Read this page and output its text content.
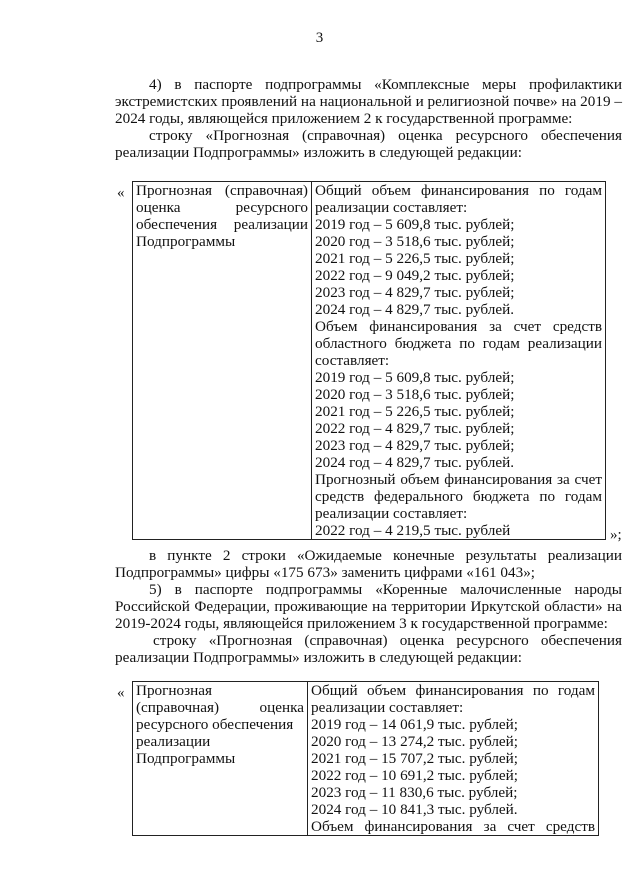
3
4) в паспорте подпрограммы «Комплексные меры профилактики
экстремистских проявлений на национальной и религиозной почве» на 2019 –
2024 годы, являющейся приложением 2 к государственной программе:
строку «Прогнозная (справочная) оценка ресурсного обеспечения
реализации Подпрограммы» изложить в следующей редакции:
« Прогнозная (справочная)
оценка ресурсного
обеспечения реализации
Подпрограммы

Общий объем финансирования по годам
реализации составляет:
2019 год – 5 609,8 тыс. рублей;
2020 год – 3 518,6 тыс. рублей;
2021 год – 5 226,5 тыс. рублей;
2022 год – 9 049,2 тыс. рублей;
2023 год – 4 829,7 тыс. рублей;
2024 год – 4 829,7 тыс. рублей.
Объем финансирования за счет средств
областного бюджета по годам реализации
составляет:
2019 год – 5 609,8 тыс. рублей;
2020 год – 3 518,6 тыс. рублей;
2021 год – 5 226,5 тыс. рублей;
2022 год – 4 829,7 тыс. рублей;
2023 год – 4 829,7 тыс. рублей;
2024 год – 4 829,7 тыс. рублей.
Прогнозный объем финансирования за счет
средств федерального бюджета по годам
реализации составляет:
2022 год – 4 219,5 тыс. рублей	»;
в пункте 2 строки «Ожидаемые конечные результаты реализации
Подпрограммы» цифры «175 673» заменить цифрами «161 043»;
5) в паспорте подпрограммы «Коренные малочисленные народы
Российской Федерации, проживающие на территории Иркутской области» на
2019-2024 годы, являющейся приложением 3 к государственной программе:
строку «Прогнозная (справочная) оценка ресурсного обеспечения
реализации Подпрограммы» изложить в следующей редакции:
« Прогнозная
(справочная) оценка
ресурсного обеспечения
реализации
Подпрограммы

Общий объем финансирования по годам
реализации составляет:
2019 год – 14 061,9 тыс. рублей;
2020 год – 13 274,2 тыс. рублей;
2021 год – 15 707,2 тыс. рублей;
2022 год – 10 691,2 тыс. рублей;
2023 год – 11 830,6 тыс. рублей;
2024 год – 10 841,3 тыс. рублей.
Объем финансирования за счет средств
